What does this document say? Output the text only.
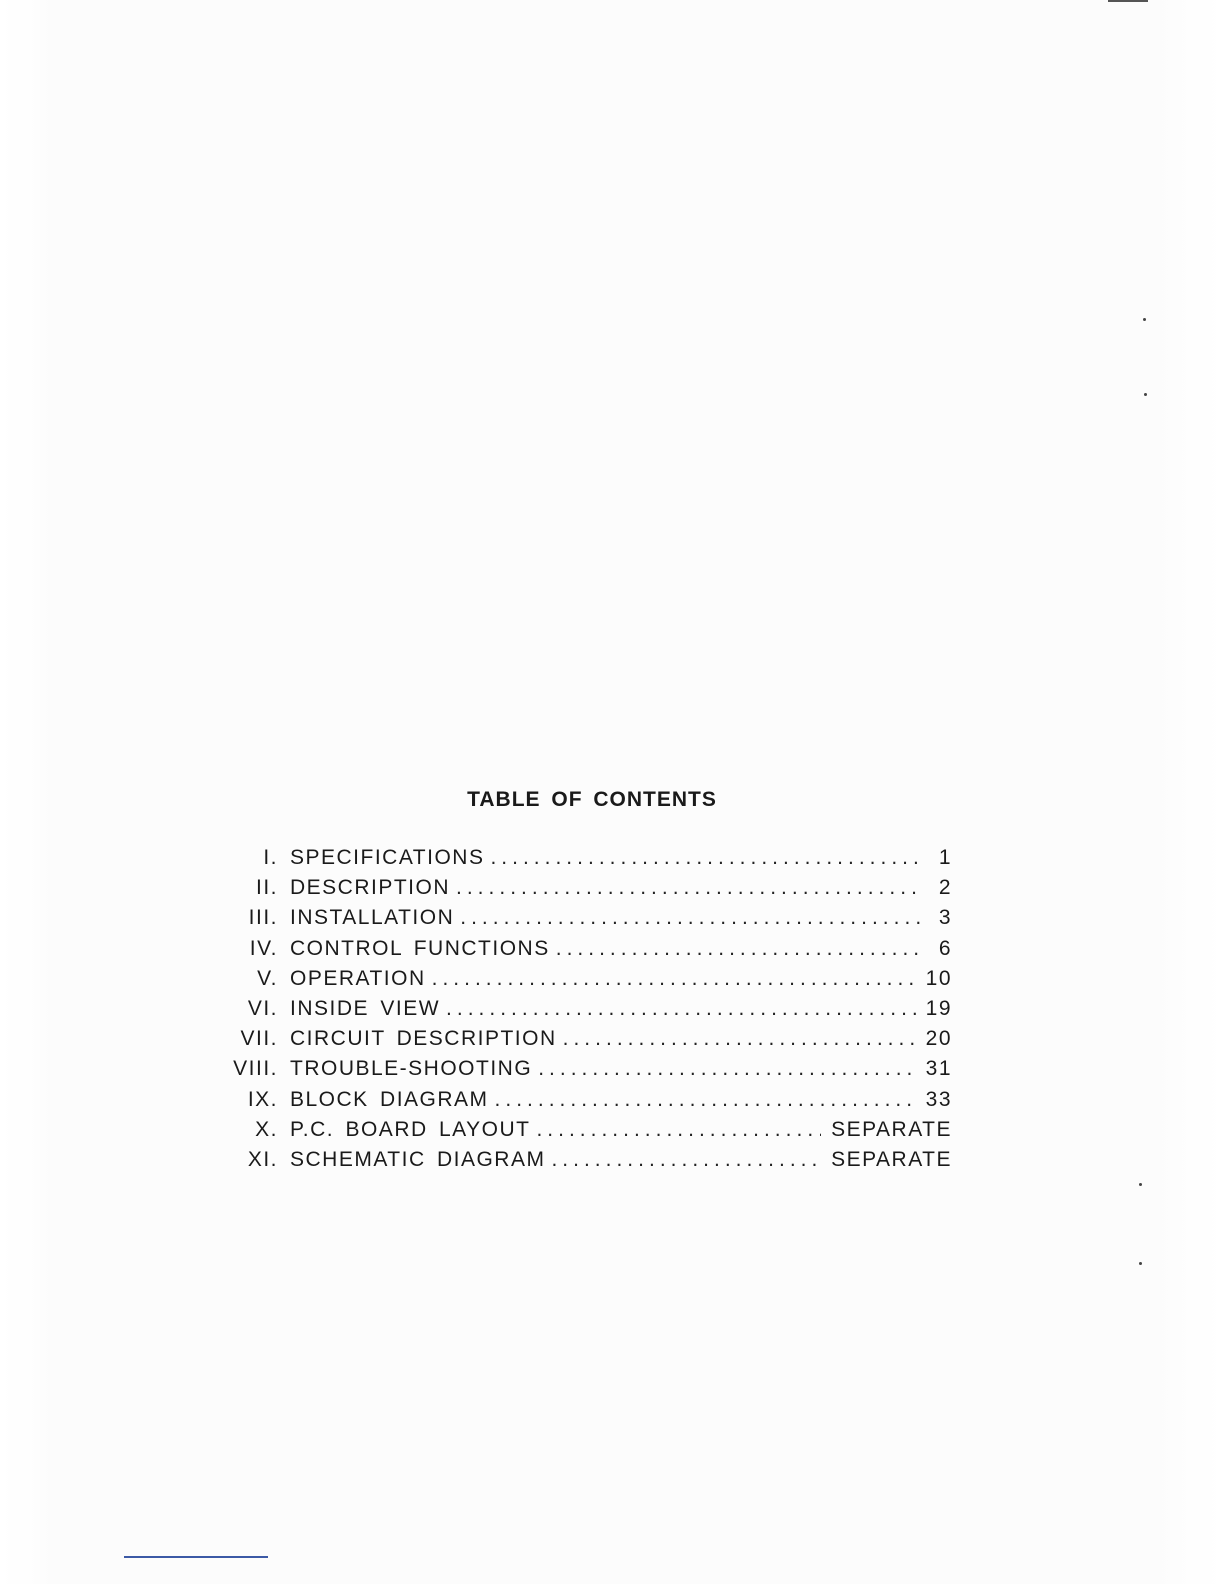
TABLE OF CONTENTS
I. SPECIFICATIONS .....	1
II. DESCRIPTION .....	2
III. INSTALLATION .....	3
IV. CONTROL FUNCTIONS .....	6
V. OPERATION .....	10
VI. INSIDE VIEW .....	19
VII. CIRCUIT DESCRIPTION .....	20
VIII. TROUBLE-SHOOTING .....	31
IX. BLOCK DIAGRAM .....	33
X. P.C. BOARD LAYOUT .....	SEPARATE
XI. SCHEMATIC DIAGRAM .....	SEPARATE
